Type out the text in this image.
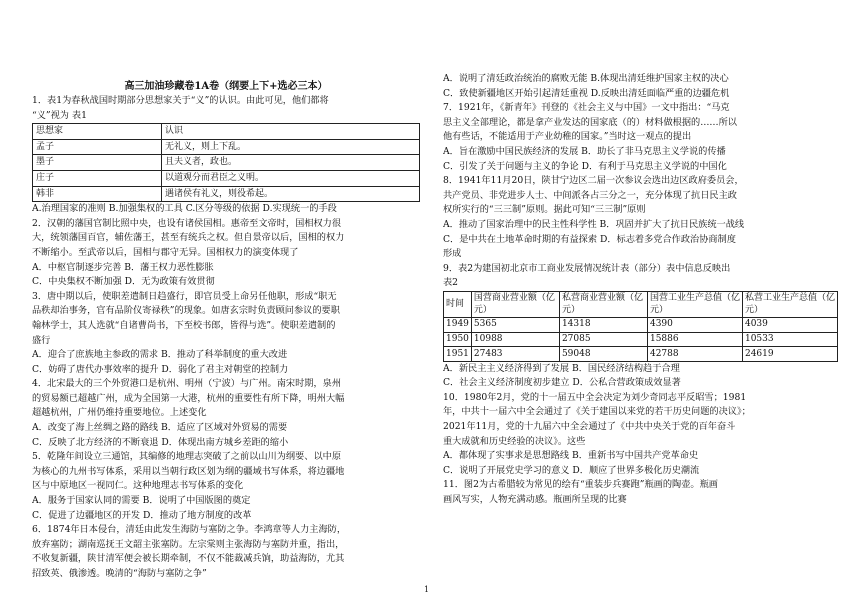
高三加油珍藏卷1A卷（纲要上下+选必三本）
1．表1为春秋战国时期部分思想家关于“义”的认识。由此可见，他们都将
“义”视为 表1
思想家	认识
孟子	无礼义，则上下乱。
墨子	且夫义者，政也。
庄子	以道观分而君臣之义明。
韩非	遇诸侯有礼义，则役希起。
A.治理国家的准则 B.加强集权的工具 C.区分等级的依据 D.实现统一的手段
2．汉朝的藩国官制比照中央，也设有诸侯国相。惠帝至文帝时，国相权力很
大，统领藩国百官，辅佐藩王，甚至有统兵之权。但自景帝以后，国相的权力
不断缩小。至武帝以后，国相与郡守无异。国相权力的演变体现了
A．中枢官制逐步完善 B．藩王权力恶性膨胀
C．中央集权不断加强 D．无为政策有效贯彻
3．唐中期以后，使职差遣制日趋盛行，即官员受上命另任他职，形成“职无
品秩却治事务，官有品阶仪寄禄秩”的现象。如唐玄宗时负责顾问参议的要职
翰林学士，其人选就“自诸曹尚书，下至校书郎，皆得与选”。使职差遣制的
盛行
A．迎合了庶族地主参政的需求 B．推动了科举制度的重大改进
C．妨碍了唐代办事效率的提升 D．弱化了君主对朝堂的控制力
4．北宋最大的三个外贸港口是杭州、明州（宁波）与广州。南宋时期，泉州
的贸易额已超越广州，成为全国第一大港，杭州的重要性有所下降，明州大幅
超越杭州，广州仍维持重要地位。上述变化
A．改变了海上丝绸之路的路线 B．适应了区域对外贸易的需要
C．反映了北方经济的不断衰退 D．体现出南方城乡差距的缩小
5．乾隆年间设立三通馆，其编修的地理志突破了之前以山川为纲要、以中原
为核心的九州书写体系，采用以当朝行政区划为纲的疆域书写体系，将边疆地
区与中原地区一视同仁。这种地理志书写体系的变化
A．服务于国家认同的需要 B．说明了中国版图的奠定
C．促进了边疆地区的开发 D．推动了地方制度的改革
6．1874年日本侵台，清廷由此发生海防与塞防之争。李鸿章等人力主海防，
放弃塞防；湖南巡抚王文韶主张塞防。左宗棠则主张海防与塞防并重，指出，
不收复新疆，陕甘清军便会被长期牵制，不仅不能裁减兵饷，助益海防，尤其
招致英、俄渗透。晚清的“海防与塞防之争”
A．说明了清廷政治统治的腐败无能 B.体现出清廷维护国家主权的决心
C．致使新疆地区开始引起清廷重视 D.反映出清廷面临严重的边疆危机
7．1921年，《新青年》刊登的《社会主义与中国》一文中指出：“马克
思主义全部理论，都是拿产业发达的国家底（的）材料做根据的……所以
他有些话，不能适用于产业幼稚的国家。”当时这一观点的提出
A．旨在激励中国民族经济的发展 B．助长了非马克思主义学说的传播
C．引发了关于问题与主义的争论 D．有利于马克思主义学说的中国化
8．1941年11月20日，陕甘宁边区二届一次参议会选出边区政府委员会，
共产党员、非党进步人士、中间派各占三分之一，充分体现了抗日民主政
权所实行的“三三制”原则。据此可知“三三制”原则
A．推动了国家治理中的民主性科学性 B．巩固并扩大了抗日民族统一战线
C．是中共在土地革命时期的有益探索 D．标志着多党合作政治协商制度
形成
9．表2为建国初北京市工商业发展情况统计表（部分）表中信息反映出
表2
时间	国营商业营业额（亿元）	私营商业营业额（亿元）	国营工业生产总值（亿元）	私营工业生产总值（亿元）
1949	5365	14318	4390	4039
1950	10988	27085	15886	10533
1951	27483	59048	42788	24619
A．新民主主义经济得到了发展 B．国民经济结构趋于合理
C．社会主义经济制度初步建立 D．公私合营政策成效显著
10．1980年2月，党的十一届五中全会决定为刘少奇同志平反昭雪；1981
年，中共十一届六中全会通过了《关于建国以来党的若干历史问题的决议》；
2021年11月，党的十九届六中全会通过了《中共中央关于党的百年奋斗
重大成就和历史经验的决议》。这些
A．都体现了实事求是思想路线 B．重新书写中国共产党革命史
C．说明了开展党史学习的意义 D．顺应了世界多极化历史潮流
11．图2为古希腊较为常见的绘有“重装步兵赛跑”瓶画的陶壶。瓶画
画风写实，人物充满动感。瓶画所呈现的比赛
1
